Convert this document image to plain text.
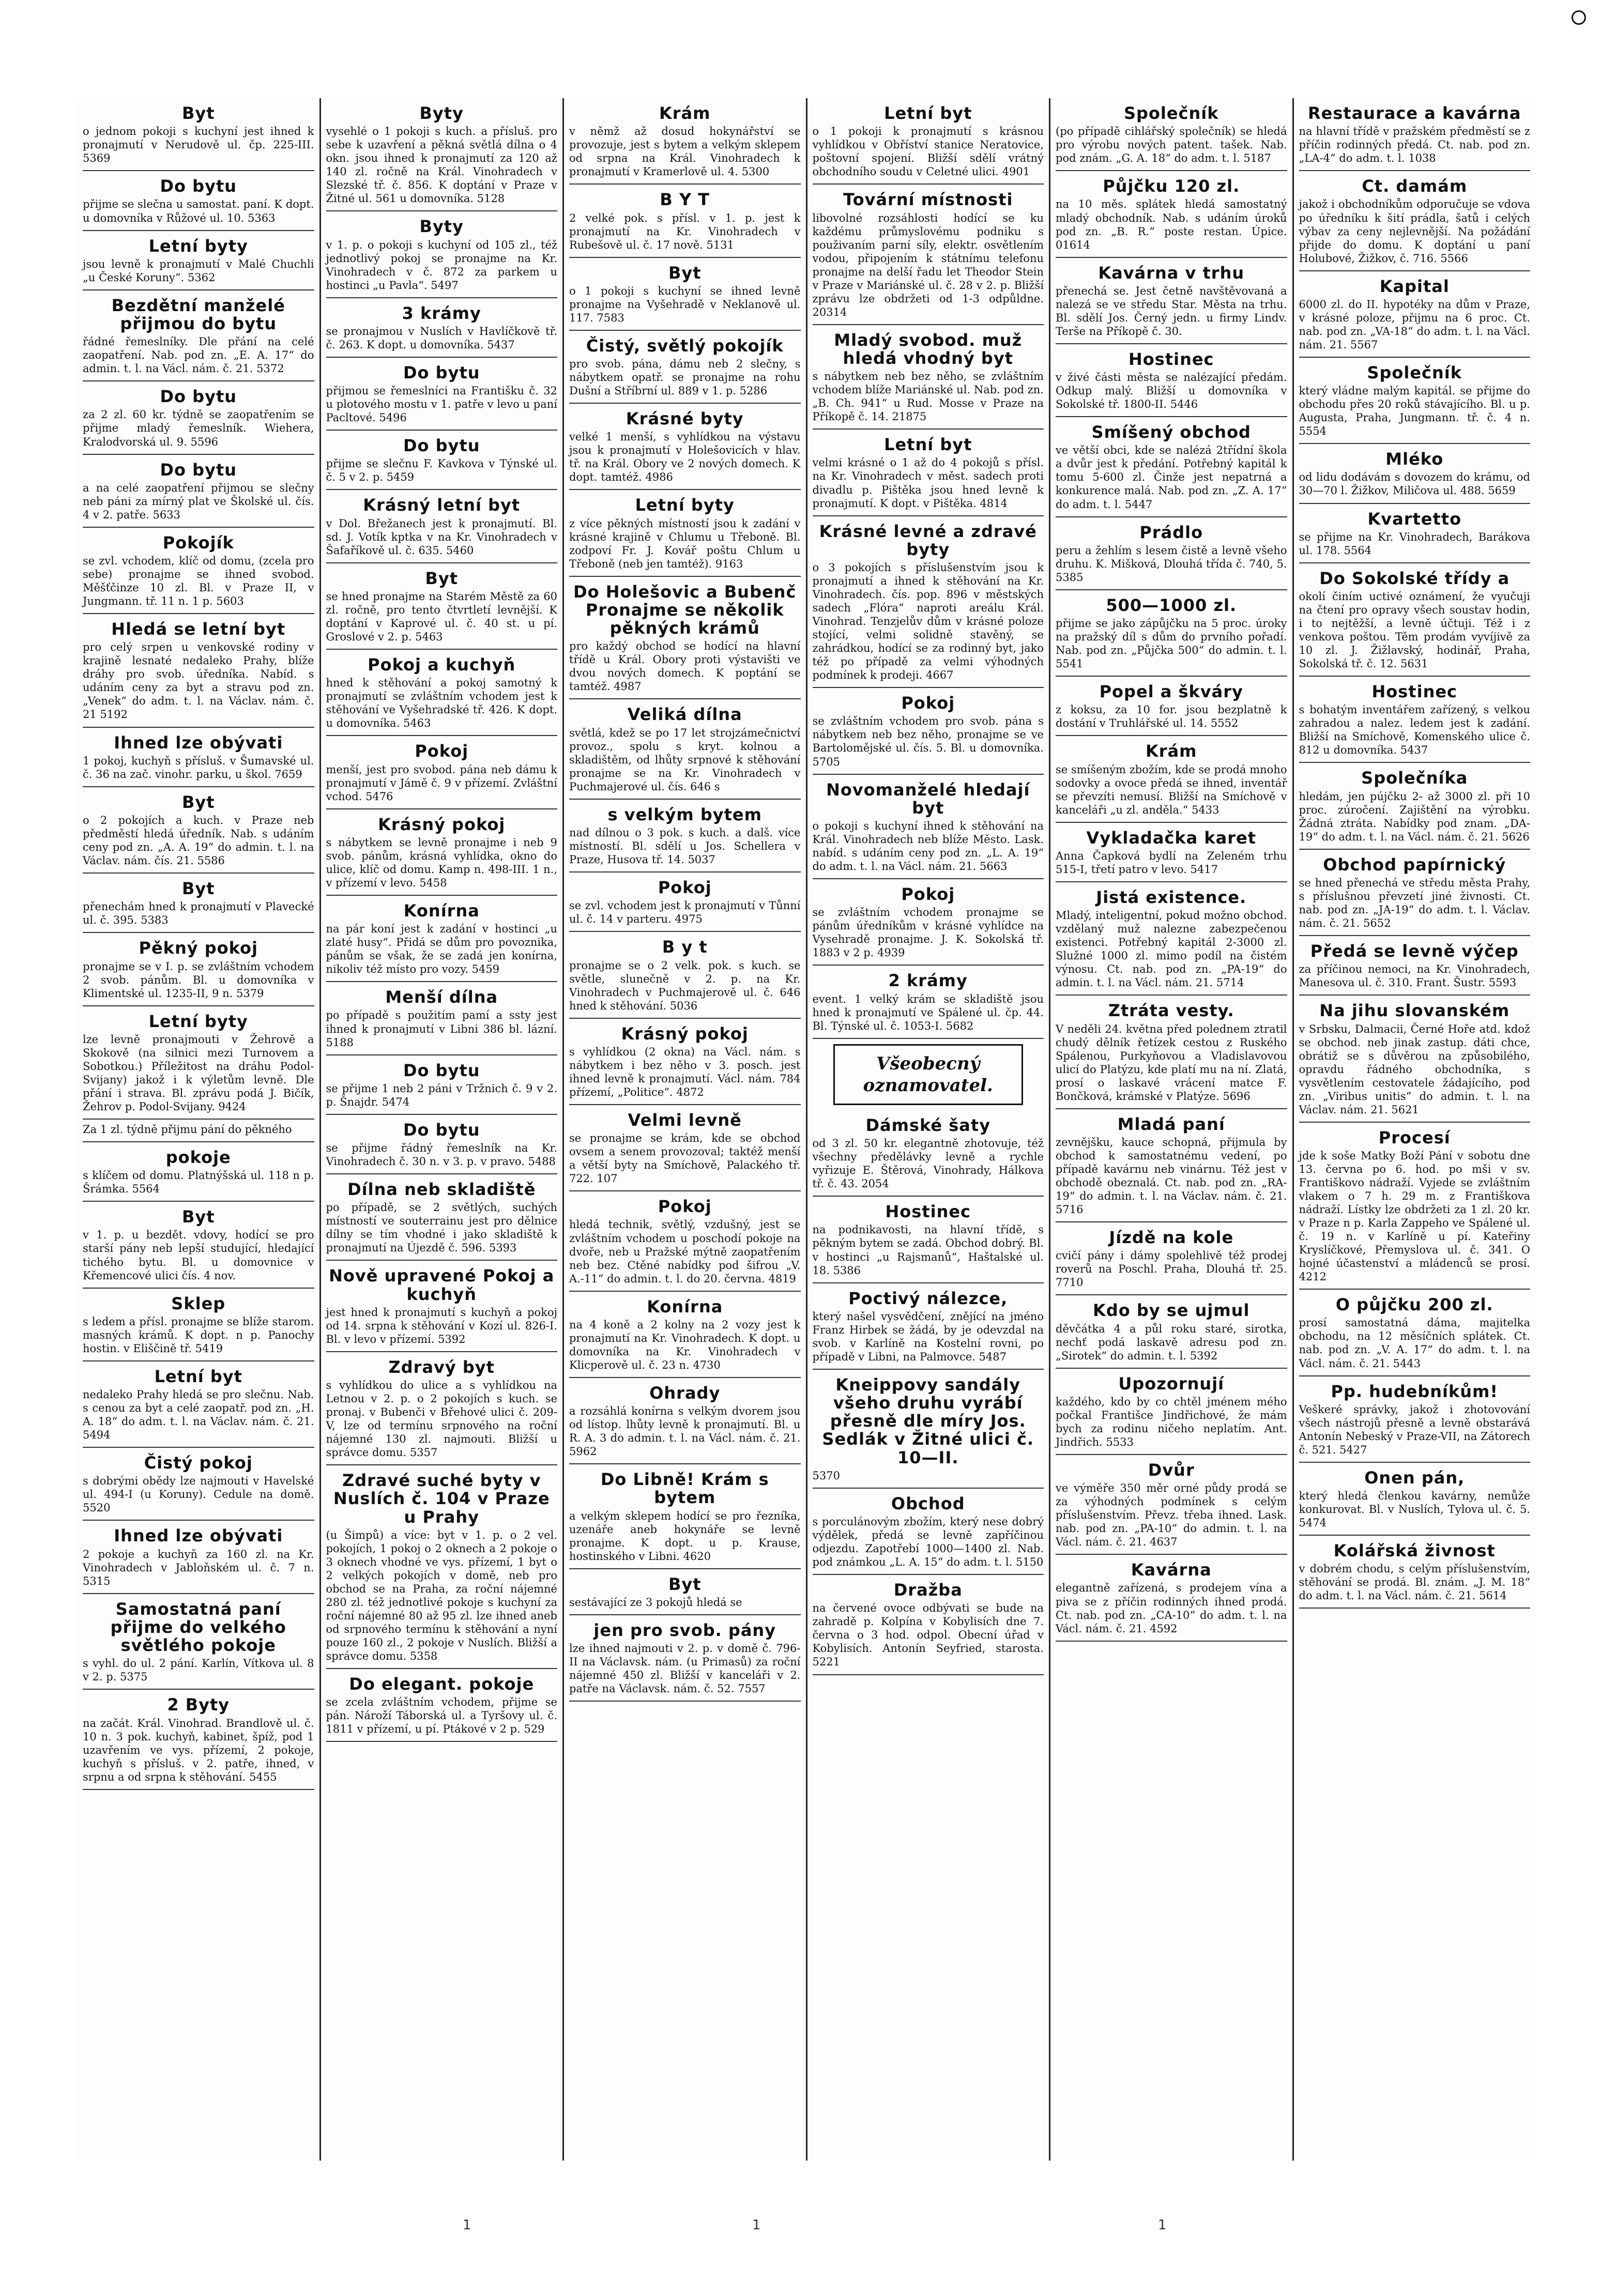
Byt

o jednom pokoji s kuchyní jest ihned k pronajmutí v Nerudově ul. čp. 225-III. 5369

Do bytu

přijme se slečna u samostat. paní. K dopt. u domovníka v Růžové ul. 10. 5363

Letní byty

jsou levně k pronajmutí v Malé Chuchli „u České Koruny“. 5362

Bezdětní manželé přijmou do bytu

řádné řemeslníky. Dle přání na celé zaopatření. Nab. pod zn. „E. A. 17“ do admin. t. l. na Václ. nám. č. 21. 5372

Do bytu

za 2 zl. 60 kr. týdně se zaopatřením se přijme mladý řemeslník. Wiehera, Kralodvorská ul. 9. 5596

Do bytu

a na celé zaopatření přijmou se slečny neb páni za mírný plat ve Školské ul. čís. 4 v 2. patře. 5633

Pokojík

se zvl. vchodem, klíč od domu, (zcela pro sebe) pronajme se ihned svobod. Měšťčinze 10 zl. Bl. v Praze II, v Jungmann. tř. 11 n. 1 p. 5603

Hledá se letní byt

pro celý srpen u venkovské rodiny v krajině lesnaté nedaleko Prahy, blíže dráhy pro svob. úředníka. Nabíd. s udáním ceny za byt a stravu pod zn. „Venek“ do adm. t. l. na Václav. nám. č. 21 5192

Ihned lze obývati

1 pokoj, kuchyň s přísluš. v Šumavské ul. č. 36 na zač. vinohr. parku, u škol. 7659

Byt

o 2 pokojích a kuch. v Praze neb předměstí hledá úředník. Nab. s udáním ceny pod zn. „A. A. 19“ do admin. t. l. na Václav. nám. čís. 21. 5586

Byt

přenechám hned k pronajmutí v Plavecké ul. č. 395. 5383

Pěkný pokoj

pronajme se v I. p. se zvláštním vchodem 2 svob. pánům. Bl. u domovníka v Klimentské ul. 1235-II, 9 n. 5379

Letní byty

lze levně pronajmouti v Žehrově a Skokově (na silnici mezi Turnovem a Sobotkou.) Příležitost na dráhu Podol-Svijany) jakož i k výletům levně. Dle přání i strava. Bl. zprávu podá J. Bičík, Žehrov p. Podol-Svijany. 9424

Za 1 zl. týdně přijmu pání do pěkného

pokoje

s klíčem od domu. Platnýšská ul. 118 n p. Šrámka. 5564

Byt

v 1. p. u bezdět. vdovy, hodící se pro starší pány neb lepší studující, hledající tichého bytu. Bl. u domovnice v Křemencové ulici čís. 4 nov.

Sklep

s ledem a přísl. pronajme se blíže starom. masných krámů. K dopt. n p. Panochy hostin. v Eliščině tř. 5419

Letní byt

nedaleko Prahy hledá se pro slečnu. Nab. s cenou za byt a celé zaopatř. pod zn. „H. A. 18“ do adm. t. l. na Václav. nám. č. 21. 5494

Čistý pokoj

s dobrými obědy lze najmouti v Havelské ul. 494-I (u Koruny). Cedule na domě. 5520

Ihned lze obývati

2 pokoje a kuchyň za 160 zl. na Kr. Vinohradech v Jabloňském ul. č. 7 n. 5315

Samostatná paní přijme do velkého světlého pokoje

s vyhl. do ul. 2 pání. Karlín, Vítkova ul. 8 v 2. p. 5375

2 Byty

na začát. Král. Vinohrad. Brandlově ul. č. 10 n. 3 pok. kuchyň, kabinet, špíž, pod 1 uzavřením ve vys. přízemí, 2 pokoje, kuchyň s přísluš. v 2. patře, ihned, v srpnu a od srpna k stěhování. 5455

Byty

vysehlé o 1 pokoji s kuch. a přísluš. pro sebe k uzavření a pěkná světlá dílna o 4 okn. jsou ihned k pronajmutí za 120 až 140 zl. ročně na Král. Vinohradech v Slezské tř. č. 856. K doptání v Praze v Žitné ul. 561 u domovníka. 5128

Byty

v 1. p. o pokoji s kuchyní od 105 zl., též jednotlivý pokoj se pronajme na Kr. Vinohradech v č. 872 za parkem u hostinci „u Pavla“. 5497

3 krámy

se pronajmou v Nuslích v Havlíčkově tř. č. 263. K dopt. u domovníka. 5437

Do bytu

přijmou se řemeslníci na Františku č. 32 u plotového mostu v 1. patře v levo u paní Pacltové. 5496

Do bytu

přijme se slečnu F. Kavkova v Týnské ul. č. 5 v 2. p. 5459

Krásný letní byt

v Dol. Břežanech jest k pronajmutí. Bl. sd. J. Votík kptka v na Kr. Vinohradech v Šafaříkově ul. č. 635. 5460

Byt

se hned pronajme na Starém Městě za 60 zl. ročně, pro tento čtvrtletí levnější. K doptání v Kaprové ul. č. 40 st. u pí. Groslové v 2. p. 5463

Pokoj a kuchyň

hned k stěhování a pokoj samotný k pronajmutí se zvláštním vchodem jest k stěhování ve Vyšehradské tř. 426. K dopt. u domovníka. 5463

Pokoj

menší, jest pro svobod. pána neb dámu k pronajmutí v Jámě č. 9 v přízemí. Zvláštní vchod. 5476

Krásný pokoj

s nábytkem se levně pronajme i neb 9 svob. pánům, krásná vyhlídka, okno do ulice, klíč od domu. Kamp n. 498-III. 1 n., v přízemí v levo. 5458

Konírna

na pár koní jest k zadání v hostinci „u zlaté husy“. Přidá se dům pro povoznika, pánům se však, že se zadá jen konírna, nikoliv též místo pro vozy. 5459

Menší dílna

po případě s použitím pamí a ssty jest ihned k pronajmutí v Libni 386 bl. lázní. 5188

Do bytu

se přijme 1 neb 2 páni v Tržnich č. 9 v 2. p. Šnajdr. 5474

Do bytu

se přijme řádný řemeslník na Kr. Vinohradech č. 30 n. v 3. p. v pravo. 5488

Dílna neb skladiště

po případě, se 2 světlých, suchých místností ve souterrainu jest pro dělnice dílny se tím vhodné i jako skladiště k pronajmutí na Újezdě č. 596. 5393

Nově upravené Pokoj a kuchyň

jest hned k pronajmutí s kuchyň a pokoj od 14. srpna k stěhování v Kozí ul. 826-I. Bl. v levo v přízemí. 5392

Zdravý byt

s vyhlídkou do ulice a s vyhlídkou na Letnou v 2. p. o 2 pokojích s kuch. se pronaj. v Bubenči v Břehové ulici č. 209-V, lze od termínu srpnového na roční nájemné 130 zl. najmouti. Bližší u správce domu. 5357

Zdravé suché byty v Nuslích č. 104 v Praze u Prahy

(u Šimpů) a více: byt v 1. p. o 2 vel. pokojích, 1 pokoj o 2 oknech a 2 pokoje o 3 oknech vhodné ve vys. přízemí, 1 byt o 2 velkých pokojích v domě, neb pro obchod se na Praha, za roční nájemné 280 zl. též jednotlivé pokoje s kuchyní za roční nájemné 80 až 95 zl. lze ihned aneb od srpnového termínu k stěhování a nyní pouze 160 zl., 2 pokoje v Nuslích. Bližší a správce domu. 5358

Do elegant. pokoje

se zcela zvláštním vchodem, přijme se pán. Nároží Táborská ul. a Tyršovy ul. č. 1811 v přízemí, u pí. Ptákové v 2 p. 529

Krám

v němž až dosud hokynářství se provozuje, jest s bytem a velkým sklepem od srpna na Král. Vinohradech k pronajmutí v Kramerlově ul. 4. 5300

B Y T

2 velké pok. s přísl. v 1. p. jest k pronajmutí na Kr. Vinohradech v Rubešově ul. č. 17 nově. 5131

Byt

o 1 pokoji s kuchyní se ihned levně pronajme na Vyšehradě v Neklanově ul. 117. 7583

Čistý, světlý pokojík

pro svob. pána, dámu neb 2 slečny, s nábytkem opatř. se pronajme na rohu Dušní a Stříbrní ul. 889 v 1. p. 5286

Krásné byty

velké 1 menší, s vyhlídkou na výstavu jsou k pronajmutí v Holešovicích v hlav. tř. na Král. Obory ve 2 nových domech. K dopt. tamtéž. 4986

Letní byty

z více pěkných místností jsou k zadání v krásné krajině v Chlumu u Třeboně. Bl. zodpoví Fr. J. Kovář poštu Chlum u Třeboně (neb jen tamtéž). 9163

Do Holešovic a Bubenč Pronajme se několik pěkných krámů

pro každý obchod se hodící na hlavní třídě u Král. Obory proti výstavišti ve dvou nových domech. K poptání se tamtéž. 4987

Veliká dílna

světlá, kdež se po 17 let strojzámečnictví provoz., spolu s kryt. kolnou a skladištěm, od lhůty srpnové k stěhování pronajme se na Kr. Vinohradech v Puchmajerové ul. čís. 646 s

s velkým bytem

nad dílnou o 3 pok. s kuch. a dalš. více místností. Bl. sdělí u Jos. Schellera v Praze, Husova tř. 14. 5037

Pokoj

se zvl. vchodem jest k pronajmutí v Tůnní ul. č. 14 v parteru. 4975

B y t

pronajme se o 2 velk. pok. s kuch. se světle, slunečně v 2. p. na Kr. Vinohradech v Puchmajerově ul. č. 646 hned k stěhování. 5036

Krásný pokoj

s vyhlídkou (2 okna) na Václ. nám. s nábytkem i bez něho v 3. posch. jest ihned levně k pronajmutí. Václ. nám. 784 přízemí, „Politice“. 4872

Velmi levně

se pronajme se krám, kde se obchod ovsem a senem provozoval; taktéž menší a větší byty na Smíchově, Palackého tř. 722. 107

Pokoj

hledá technik, světlý, vzdušný, jest se zvláštním vchodem u poschodí pokoje na dvoře, neb u Pražské mýtně zaopatřením neb bez. Ctěné nabídky pod šifrou „V. A.-11“ do admin. t. l. do 20. června. 4819

Konírna

na 4 koně a 2 kolny na 2 vozy jest k pronajmutí na Kr. Vinohradech. K dopt. u domovníka na Kr. Vinohradech v Klicperově ul. č. 23 n. 4730

Ohrady

a rozsáhlá konírna s velkým dvorem jsou od lístop. lhůty levně k pronajmutí. Bl. u R. A. 3 do admin. t. l. na Václ. nám. č. 21. 5962

Do Libně! Krám s bytem

a velkým sklepem hodící se pro řezníka, uzenáře aneb hokynáře se levně pronajme. K dopt. u p. Krause, hostinského v Libni. 4620

Byt

sestávající ze 3 pokojů hledá se

jen pro svob. pány

lze ihned najmouti v 2. p. v domě č. 796-II na Václavsk. nám. (u Primasů) za roční nájemné 450 zl. Bližší v kanceláři v 2. patře na Václavsk. nám. č. 52. 7557

Letní byt

o 1 pokoji k pronajmutí s krásnou vyhlídkou v Obříství stanice Neratovice, poštovní spojení. Bližší sdělí vrátný obchodního soudu v Celetné ulici. 4901

Tovární místnosti

libovolné rozsáhlosti hodící se ku každému průmyslovému podniku s použivaním parní síly, elektr. osvětlením vodou, připojením k státnímu telefonu pronajme na delší řadu let Theodor Stein v Praze v Mariánské ul. č. 28 v 2. p. Bližší zprávu lze obdržeti od 1-3 odpůldne. 20314

Mladý svobod. muž hledá vhodný byt

s nábytkem neb bez něho, se zvláštním vchodem blíže Mariánské ul. Nab. pod zn. „B. Ch. 941“ u Rud. Mosse v Praze na Příkopě č. 14. 21875

Letní byt

velmi krásné o 1 až do 4 pokojů s přísl. na Kr. Vinohradech v měst. sadech proti divadlu p. Pištěka jsou hned levně k pronajmutí. K dopt. v Pištěka. 4814

Krásné levné a zdravé byty

o 3 pokojích s příslušenstvím jsou k pronajmutí a ihned k stěhování na Kr. Vinohradech. čís. pop. 896 v městských sadech „Flóra“ naproti areálu Král. Vinohrad. Tenzjelův dům v krásné poloze stojící, velmi solidně stavěný, se zahrádkou, hodící se za rodinný byt, jako též po případě za velmi výhodných podmínek k prodeji. 4667

Pokoj

se zvláštním vchodem pro svob. pána s nábytkem neb bez něho, pronajme se ve Bartolomějské ul. čís. 5. Bl. u domovníka. 5705

Novomanželé hledají byt

o pokoji s kuchyní ihned k stěhování na Král. Vinohradech neb blíže Město. Lask. nabíd. s udáním ceny pod zn. „L. A. 19“ do adm. t. l. na Václ. nám. 21. 5663

Pokoj

se zvláštním vchodem pronajme se pánům úředníkům v krásné vyhlídce na Vysehradě pronajme. J. K. Sokolská tř. 1883 v 2 p. 4939

2 krámy

event. 1 velký krám se skladiště jsou hned k pronajmutí ve Spálené ul. čp. 44. Bl. Týnské ul. č. 1053-I. 5682

Všeobecný oznamovatel.

Dámské šaty

od 3 zl. 50 kr. elegantně zhotovuje, též všechny předělávky levně a rychle vyřizuje E. Štěrová, Vinohrady, Hálkova tř. č. 43. 2054

Hostinec

na podnikavosti, na hlavní třídě, s pěkným bytem se zadá. Obchod dobrý. Bl. v hostinci „u Rajsmanů“, Haštalské ul. 18. 5386

Poctivý nálezce,

který našel vysvědčení, znějící na jméno Franz Hirbek se žádá, by je odevzdal na svob. v Karlíně na Kostelní rovni, po případě v Libni, na Palmovce. 5487

Kneippovy sandály všeho druhu vyrábí přesně dle míry Jos. Sedlák v Žitné ulici č. 10—II.

5370

Obchod

s porculánovým zbožím, který nese dobrý výdělek, předá se levně zapříčinou odjezdu. Zapotřebí 1000—1400 zl. Nab. pod známkou „L. A. 15“ do adm. t. l. 5150

Dražba

na červené ovoce odbývati se bude na zahradě p. Kolpína v Kobylisích dne 7. června o 3 hod. odpol. Obecní úřad v Kobylisích. Antonín Seyfried, starosta. 5221

Společník

(po případě cihlářský společník) se hledá pro výrobu nových patent. tašek. Nab. pod znám. „G. A. 18“ do adm. t. l. 5187

Půjčku 120 zl.

na 10 měs. splátek hledá samostatný mladý obchodník. Nab. s udáním úroků pod zn. „B. R.“ poste restan. Úpice. 01614

Kavárna v trhu

přenechá se. Jest četně navštěvovaná a nalezá se ve středu Star. Města na trhu. Bl. sdělí Jos. Černý jedn. u firmy Lindv. Terše na Příkopě č. 30.

Hostinec

v živé části města se nalézající předám. Odkup malý. Bližší u domovníka v Sokolské tř. 1800-II. 5446

Smíšený obchod

ve větší obci, kde se nalézá 2třídní škola a dvůr jest k předání. Potřebný kapitál k tomu 5-600 zl. Činže jest nepatrná a konkurence malá. Nab. pod zn. „Z. A. 17“ do adm. t. l. 5447

Prádlo

peru a žehlím s lesem čistě a levně všeho druhu. K. Mišková, Dlouhá třída č. 740, 5. 5385

500—1000 zl.

přijme se jako zápůjčku na 5 proc. úroky na pražský díl s dům do prvního pořadí. Nab. pod zn. „Půjčka 500“ do admin. t. l. 5541

Popel a škváry

z koksu, za 10 for. jsou bezplatně k dostání v Truhlářské ul. 14. 5552

Krám

se smíšeným zbožím, kde se prodá mnoho sodovky a ovoce předá se ihned, inventář se převzíti nemusí. Bližší na Smíchově v kanceláři „u zl. anděla.“ 5433

Vykladačka karet

Anna Čapková bydlí na Zeleném trhu 515-I, třetí patro v levo. 5417

Jistá existence.

Mladý, inteligentní, pokud možno obchod. vzdělaný muž nalezne zabezpečenou existenci. Potřebný kapitál 2-3000 zl. Služné 1000 zl. mimo podíl na čistém výnosu. Ct. nab. pod zn. „PA-19“ do admin. t. l. na Václ. nám. 21. 5714

Ztráta vesty.

V neděli 24. května před polednem ztratil chudý dělník řetízek cestou z Ruského Spálenou, Purkyňovou a Vladislavovou ulicí do Platýzu, kde platí mu na ní. Zlatá, prosí o laskavé vrácení matce F. Bončková, krámské v Platýze. 5696

Mladá paní

zevnějšku, kauce schopná, přijmula by obchod k samostatnému vedení, po případě kavárnu neb vinárnu. Též jest v obchodě obeznalá. Ct. nab. pod zn. „RA-19“ do admin. t. l. na Václav. nám. č. 21. 5716

Jízdě na kole

cvičí pány i dámy spolehlivě též prodej roverů na Poschl. Praha, Dlouhá tř. 25. 7710

Kdo by se ujmul

děvčátka 4 a půl roku staré, sirotka, nechť podá laskavě adresu pod zn. „Sirotek“ do admin. t. l. 5392

Upozornují

každého, kdo by co chtěl jménem mého počkal Františce Jindřichové, že mám bych za rodinu ničeho neplatím. Ant. Jindřich. 5533

Dvůr

ve výměře 350 měr orné půdy prodá se za výhodných podmínek s celým příslušenstvím. Převz. třeba ihned. Lask. nab. pod zn. „PA-10“ do admin. t. l. na Václ. nám. č. 21. 4637

Kavárna

elegantně zařízená, s prodejem vína a piva se z příčin rodinných ihned prodá. Ct. nab. pod zn. „CA-10“ do adm. t. l. na Václ. nám. č. 21. 4592

Restaurace a kavárna

na hlavní třídě v pražském předměstí se z příčin rodinných předá. Ct. nab. pod zn. „LA-4“ do adm. t. l. 1038

Ct. damám

jakož i obchodníkům odporučuje se vdova po úředníku k šití prádla, šatů i celých výbav za ceny nejlevnější. Na požádání přijde do domu. K doptání u paní Holubové, Žižkov, č. 716. 5566

Kapital

6000 zl. do II. hypotéky na dům v Praze, v krásné poloze, přijmu na 6 proc. Ct. nab. pod zn. „VA-18“ do adm. t. l. na Václ. nám. 21. 5567

Společník

který vládne malým kapitál. se přijme do obchodu přes 20 roků stávajícího. Bl. u p. Augusta, Praha, Jungmann. tř. č. 4 n. 5554

Mléko

od lidu dodávám s dovozem do krámu, od 30—70 l. Žižkov, Miličova ul. 488. 5659

Kvartetto

se přijme na Kr. Vinohradech, Barákova ul. 178. 5564

Do Sokolské třídy a

okolí činím uctivé oznámení, že vyučuji na čtení pro opravy všech soustav hodin, i to nejtěžší, a levně účtuji. Též i z venkova poštou. Těm prodám vyvíjivě za 10 zl. J. Žižlavský, hodinář, Praha, Sokolská tř. č. 12. 5631

Hostinec

s bohatým inventářem zařízený, s velkou zahradou a nalez. ledem jest k zadání. Bližší na Smíchově, Komenského ulice č. 812 u domovníka. 5437

Společníka

hledám, jen pújčku 2- až 3000 zl. při 10 proc. zúročení. Zajištění na výrobku. Žádná ztráta. Nabídky pod znam. „DA-19“ do adm. t. l. na Václ. nám. č. 21. 5626

Obchod papírnický

se hned přenechá ve středu města Prahy, s příslušnou převzetí jiné živnosti. Ct. nab. pod zn. „JA-19“ do adm. t. l. Václav. nám. č. 21. 5652

Předá se levně výčep

za příčinou nemoci, na Kr. Vinohradech, Manesova ul. č. 310. Frant. Šustr. 5593

Na jihu slovanském

v Srbsku, Dalmacii, Černé Hoře atd. kdož se obchod. neb jinak zastup. dáti chce, obrátiž se s důvěrou na způsobilého, opravdu řádného obchodníka, s vysvětlením cestovatele žádajícího, pod zn. „Viribus unitis“ do admin. t. l. na Václav. nám. 21. 5621

Procesí

jde k soše Matky Boží Pání v sobotu dne 13. června po 6. hod. po mši v sv. Františkovo nádraží. Vyjede se zvláštním vlakem o 7 h. 29 m. z Františkova nádraží. Lístky lze obdržeti za 1 zl. 20 kr. v Praze n p. Karla Zappeho ve Spálené ul. č. 19 n. v Karlíně u pí. Kateřiny Kryslíčkové, Přemyslova ul. č. 341. O hojné účastenství a mládenců se prosí. 4212

O půjčku 200 zl.

prosí samostatná dáma, majitelka obchodu, na 12 měsíčních splátek. Ct. nab. pod zn. „V. A. 17“ do adm. t. l. na Václ. nám. č. 21. 5443

Pp. hudebníkům!

Veškeré správky, jakož i zhotovování všech nástrojů přesně a levně obstarává Antonín Nebeský v Praze-VII, na Zátorech č. 521. 5427

Onen pán,

který hledá členkou kavárny, nemůže konkurovat. Bl. v Nuslích, Tylova ul. č. 5. 5474

Kolářská živnost

v dobrém chodu, s celým příslušenstvím, stěhování se prodá. Bl. znám. „J. M. 18“ do adm. t. l. na Václ. nám. č. 21. 5614

1	1	1
